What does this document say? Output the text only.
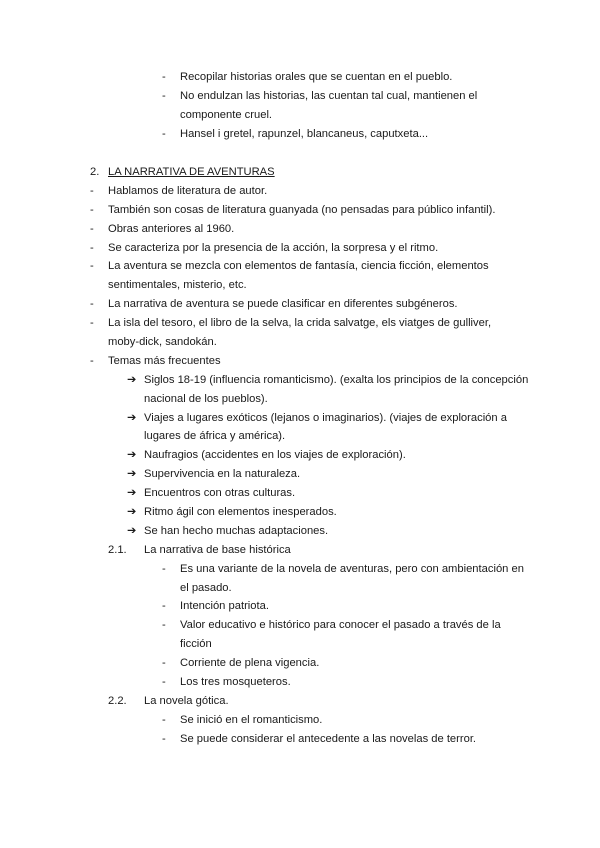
- Recopilar historias orales que se cuentan en el pueblo.
- No endulzan las historias, las cuentan tal cual, mantienen el
componente cruel.
- Hansel i gretel, rapunzel, blancaneus, caputxeta...
2. LA NARRATIVA DE AVENTURAS
- Hablamos de literatura de autor.
- También son cosas de literatura guanyada (no pensadas para público infantil).
- Obras anteriores al 1960.
- Se caracteriza por la presencia de la acción, la sorpresa y el ritmo.
- La aventura se mezcla con elementos de fantasía, ciencia ficción, elementos
sentimentales, misterio, etc.
- La narrativa de aventura se puede clasificar en diferentes subgéneros.
- La isla del tesoro, el libro de la selva, la crida salvatge, els viatges de gulliver,
moby-dick, sandokán.
- Temas más frecuentes
➔ Siglos 18-19 (influencia romanticismo). (exalta los principios de la concepción
nacional de los pueblos).
➔ Viajes a lugares exóticos (lejanos o imaginarios). (viajes de exploración a
lugares de áfrica y américa).
➔ Naufragios (accidentes en los viajes de exploración).
➔ Supervivencia en la naturaleza.
➔ Encuentros con otras culturas.
➔ Ritmo ágil con elementos inesperados.
➔ Se han hecho muchas adaptaciones.
2.1. La narrativa de base histórica
- Es una variante de la novela de aventuras, pero con ambientación en
el pasado.
- Intención patriota.
- Valor educativo e histórico para conocer el pasado a través de la
ficción
- Corriente de plena vigencia.
- Los tres mosqueteros.
2.2. La novela gótica.
- Se inició en el romanticismo.
- Se puede considerar el antecedente a las novelas de terror.
